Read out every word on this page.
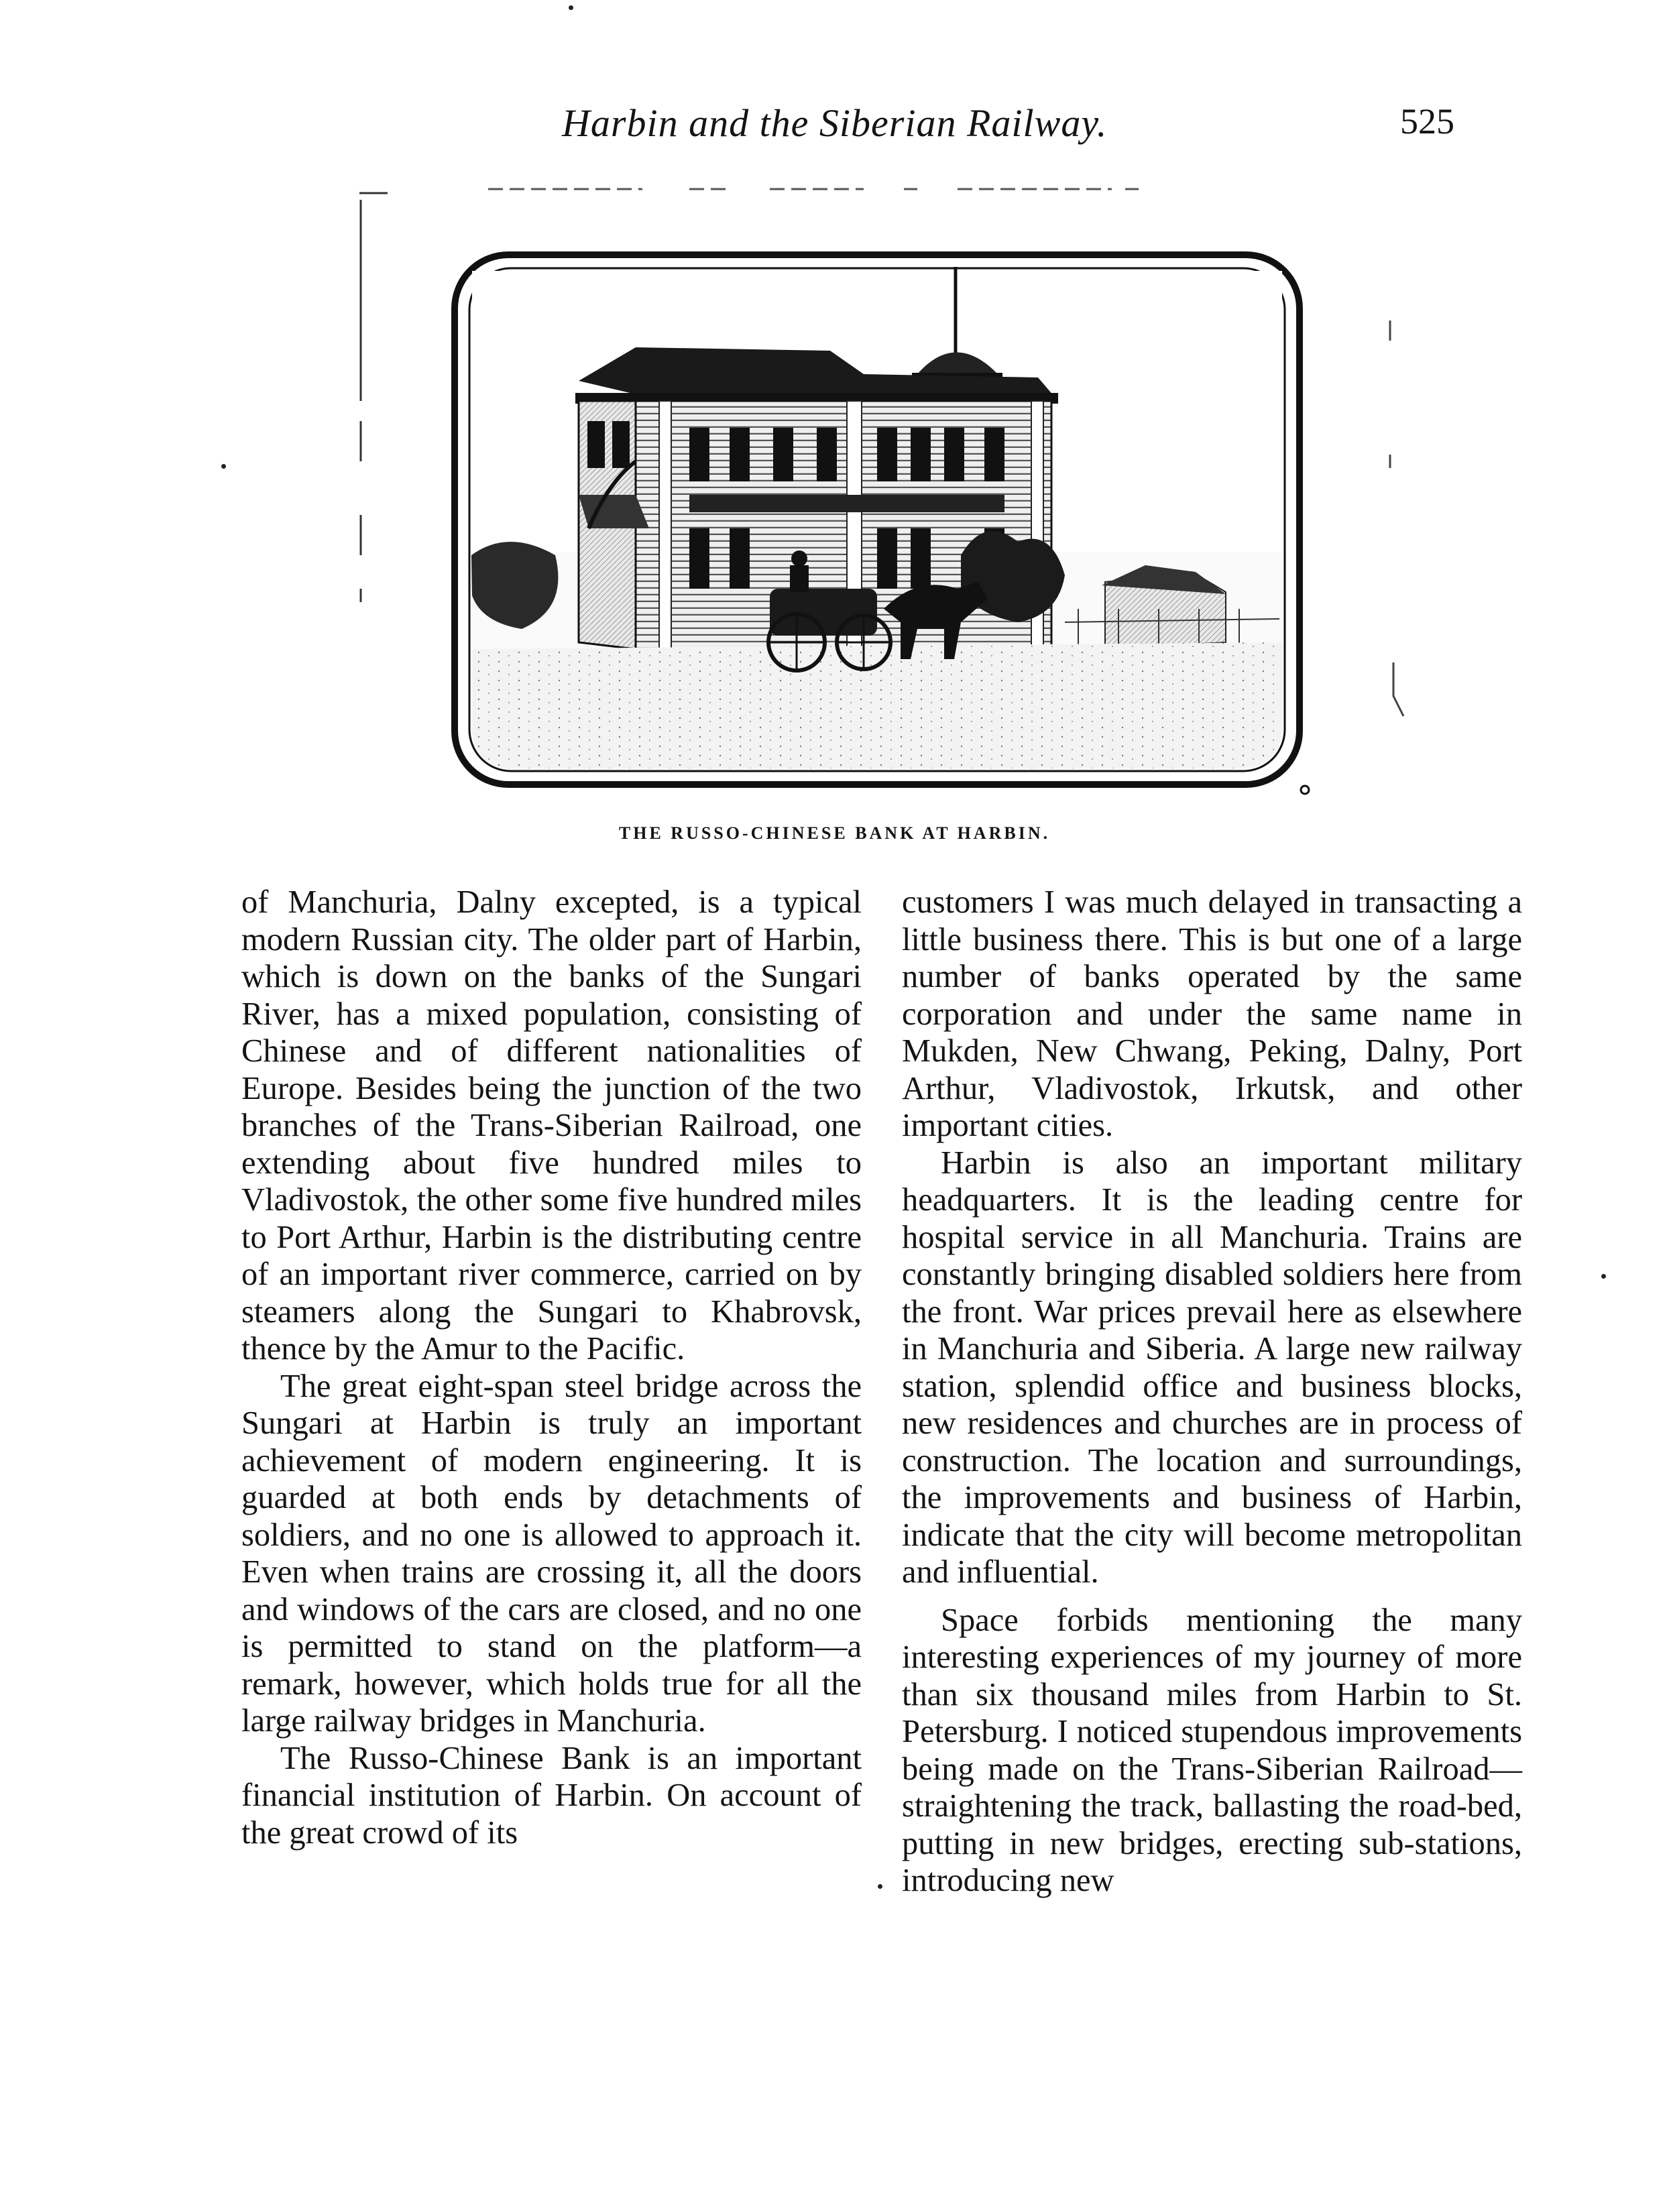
Harbin and the Siberian Railway.	525
THE RUSSO-CHINESE BANK AT HARBIN.

of Manchuria, Dalny excepted, is a typical modern Russian city. The older part of Harbin, which is down on the banks of the Sungari River, has a mixed population, consisting of Chinese and of different nationalities of Europe. Besides being the junction of the two branches of the Trans-Siberian Railroad, one extending about five hundred miles to Vladivostok, the other some five hundred miles to Port Arthur, Harbin is the distributing centre of an important river commerce, carried on by steamers along the Sungari to Khabrovsk, thence by the Amur to the Pacific.

The great eight-span steel bridge across the Sungari at Harbin is truly an important achievement of modern engineering. It is guarded at both ends by detachments of soldiers, and no one is allowed to approach it. Even when trains are crossing it, all the doors and windows of the cars are closed, and no one is permitted to stand on the platform—a remark, however, which holds true for all the large railway bridges in Manchuria.

The Russo-Chinese Bank is an important financial institution of Harbin. On account of the great crowd of its

customers I was much delayed in transacting a little business there. This is but one of a large number of banks operated by the same corporation and under the same name in Mukden, New Chwang, Peking, Dalny, Port Arthur, Vladivostok, Irkutsk, and other important cities.

Harbin is also an important military headquarters. It is the leading centre for hospital service in all Manchuria. Trains are constantly bringing disabled soldiers here from the front. War prices prevail here as elsewhere in Manchuria and Siberia. A large new railway station, splendid office and business blocks, new residences and churches are in process of construction. The location and surroundings, the improvements and business of Harbin, indicate that the city will become metropolitan and influential.

Space forbids mentioning the many interesting experiences of my journey of more than six thousand miles from Harbin to St. Petersburg. I noticed stupendous improvements being made on the Trans-Siberian Railroad—straightening the track, ballasting the road-bed, putting in new bridges, erecting sub-stations, introducing new
